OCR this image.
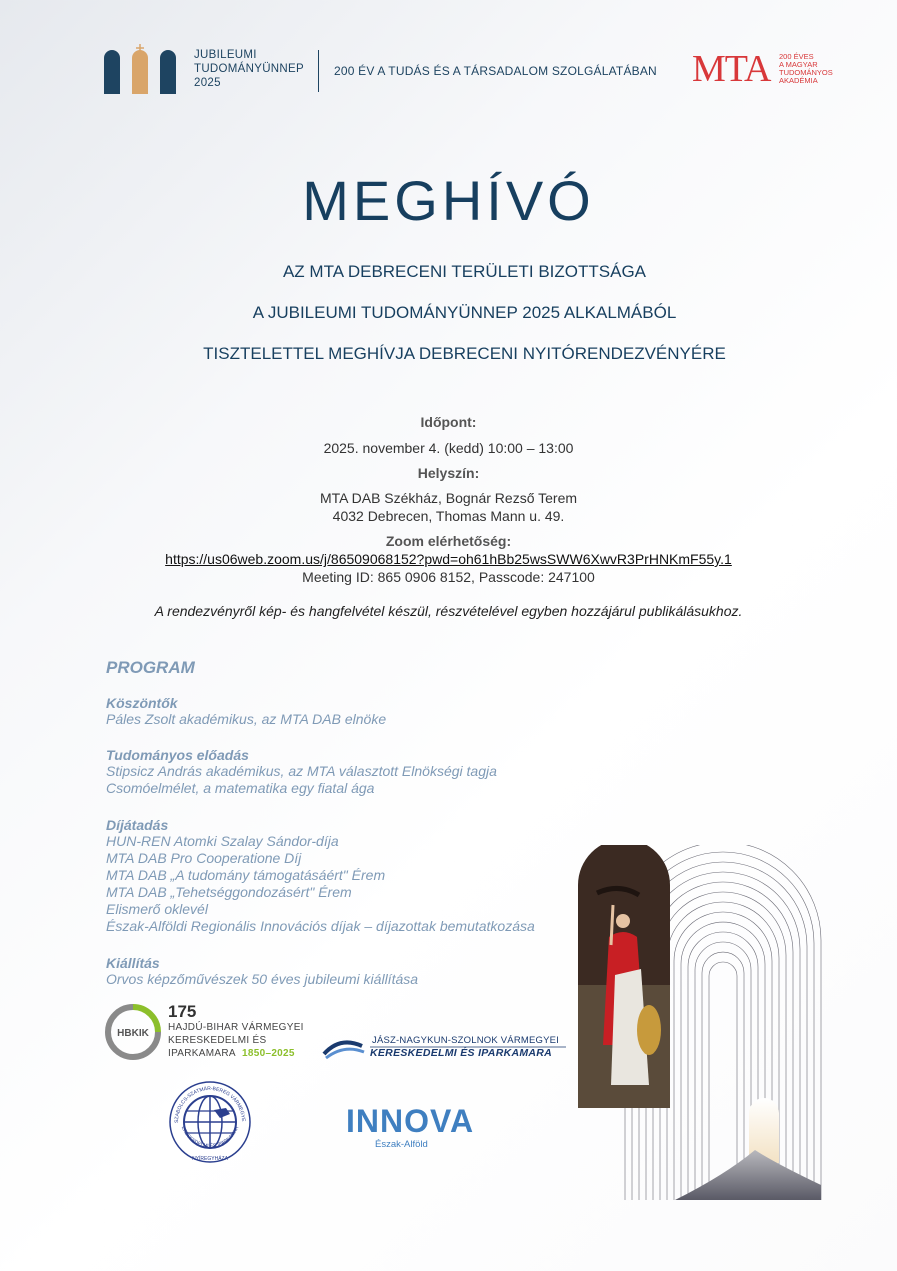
JUBILEUMI
TUDOMÁNYÜNNEP
2025
200 ÉV A TUDÁS ÉS A TÁRSADALOM SZOLGÁLATÁBAN MTA 200 ÉVES
A MAGYAR
TUDOMÁNYOS
AKADÉMIA
MEGHÍVÓ
AZ MTA DEBRECENI TERÜLETI BIZOTTSÁGA
A JUBILEUMI TUDOMÁNYÜNNEP 2025 ALKALMÁBÓL
TISZTELETTEL MEGHÍVJA DEBRECENI NYITÓRENDEZVÉNYÉRE
Időpont:
2025. november 4. (kedd) 10:00 – 13:00
Helyszín:
MTA DAB Székház, Bognár Rezső Terem
4032 Debrecen, Thomas Mann u. 49.
Zoom elérhetőség:
https://us06web.zoom.us/j/86509068152?pwd=oh61hBb25wsSWW6XwvR3PrHNKmF55y.1
Meeting ID: 865 0906 8152, Passcode: 247100
A rendezvényről kép- és hangfelvétel készül, részvételével egyben hozzájárul publikálásukhoz.
PROGRAM
Köszöntők
Páles Zsolt akadémikus, az MTA DAB elnöke
Tudományos előadás
Stipsicz András akadémikus, az MTA választott Elnökségi tagja
Csomóelmélet, a matematika egy fiatal ága
Díjátadás
HUN-REN Atomki Szalay Sándor-díja
MTA DAB Pro Cooperatione Díj
MTA DAB „A tudomány támogatásáért" Érem
MTA DAB „Tehetséggondozásért" Érem
Elismerő oklevél
Észak-Alföldi Regionális Innovációs díjak – díjazottak bemutatkozása
Kiállítás
Orvos képzőművészek 50 éves jubileumi kiállítása
HBKIK
175
HAJDÚ-BIHAR VÁRMEGYEI
KERESKEDELMI ÉS
IPARKAMARA 1850–2025
JÁSZ-NAGYKUN-SZOLNOK VÁRMEGYEI
KERESKEDELMI ÉS IPARKAMARA
SZABOLCS-SZATMÁR-BEREG VÁRMEGYE
ERESKEDELMI ÉS IPARKAMAR
NYÍREGYHÁZA
INNOVA
Észak-Alföld
